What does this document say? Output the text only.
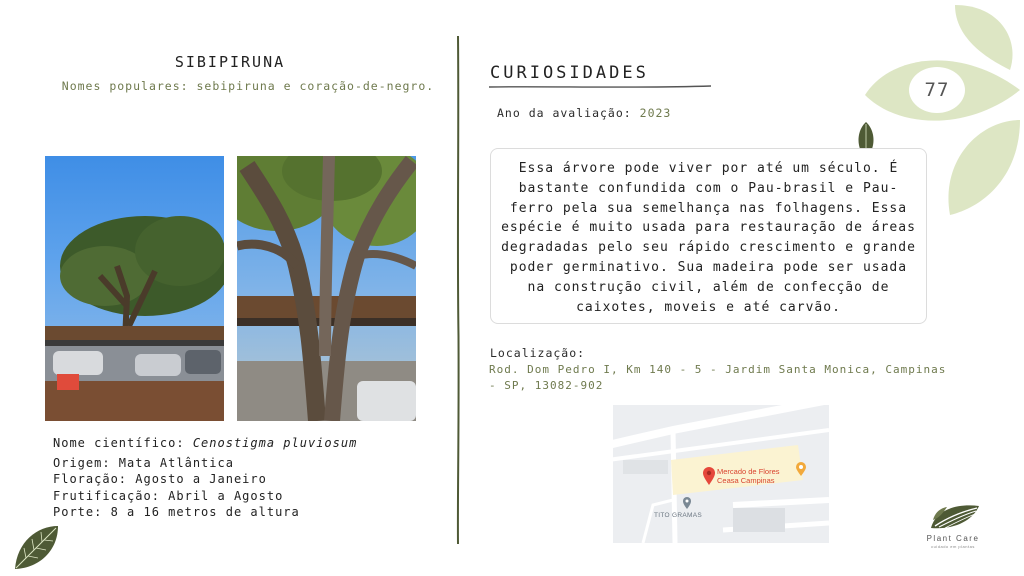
77
SIBIPIRUNA
Nomes populares: sebipiruna e coração-de-negro.
Nome científico: Cenostigma pluviosum
Origem: Mata Atlântica
Floração: Agosto a Janeiro
Frutificação: Abril a Agosto
Porte: 8 a 16 metros de altura
CURIOSIDADES
Ano da avaliação: 2023
Essa árvore pode viver por até um século. É bastante confundida com o Pau-brasil e Pau-ferro pela sua semelhança nas folhagens. Essa espécie é muito usada para restauração de áreas degradadas pelo seu rápido crescimento e grande poder germinativo. Sua madeira pode ser usada na construção civil, além de confecção de caixotes, moveis e até carvão.
Localização:
Rod. Dom Pedro I, Km 140 - 5 - Jardim Santa Monica, Campinas - SP, 13082-902
Mercado de Flores
Ceasa Campinas
TITO GRAMAS
Plant Care
cuidado em plantas
